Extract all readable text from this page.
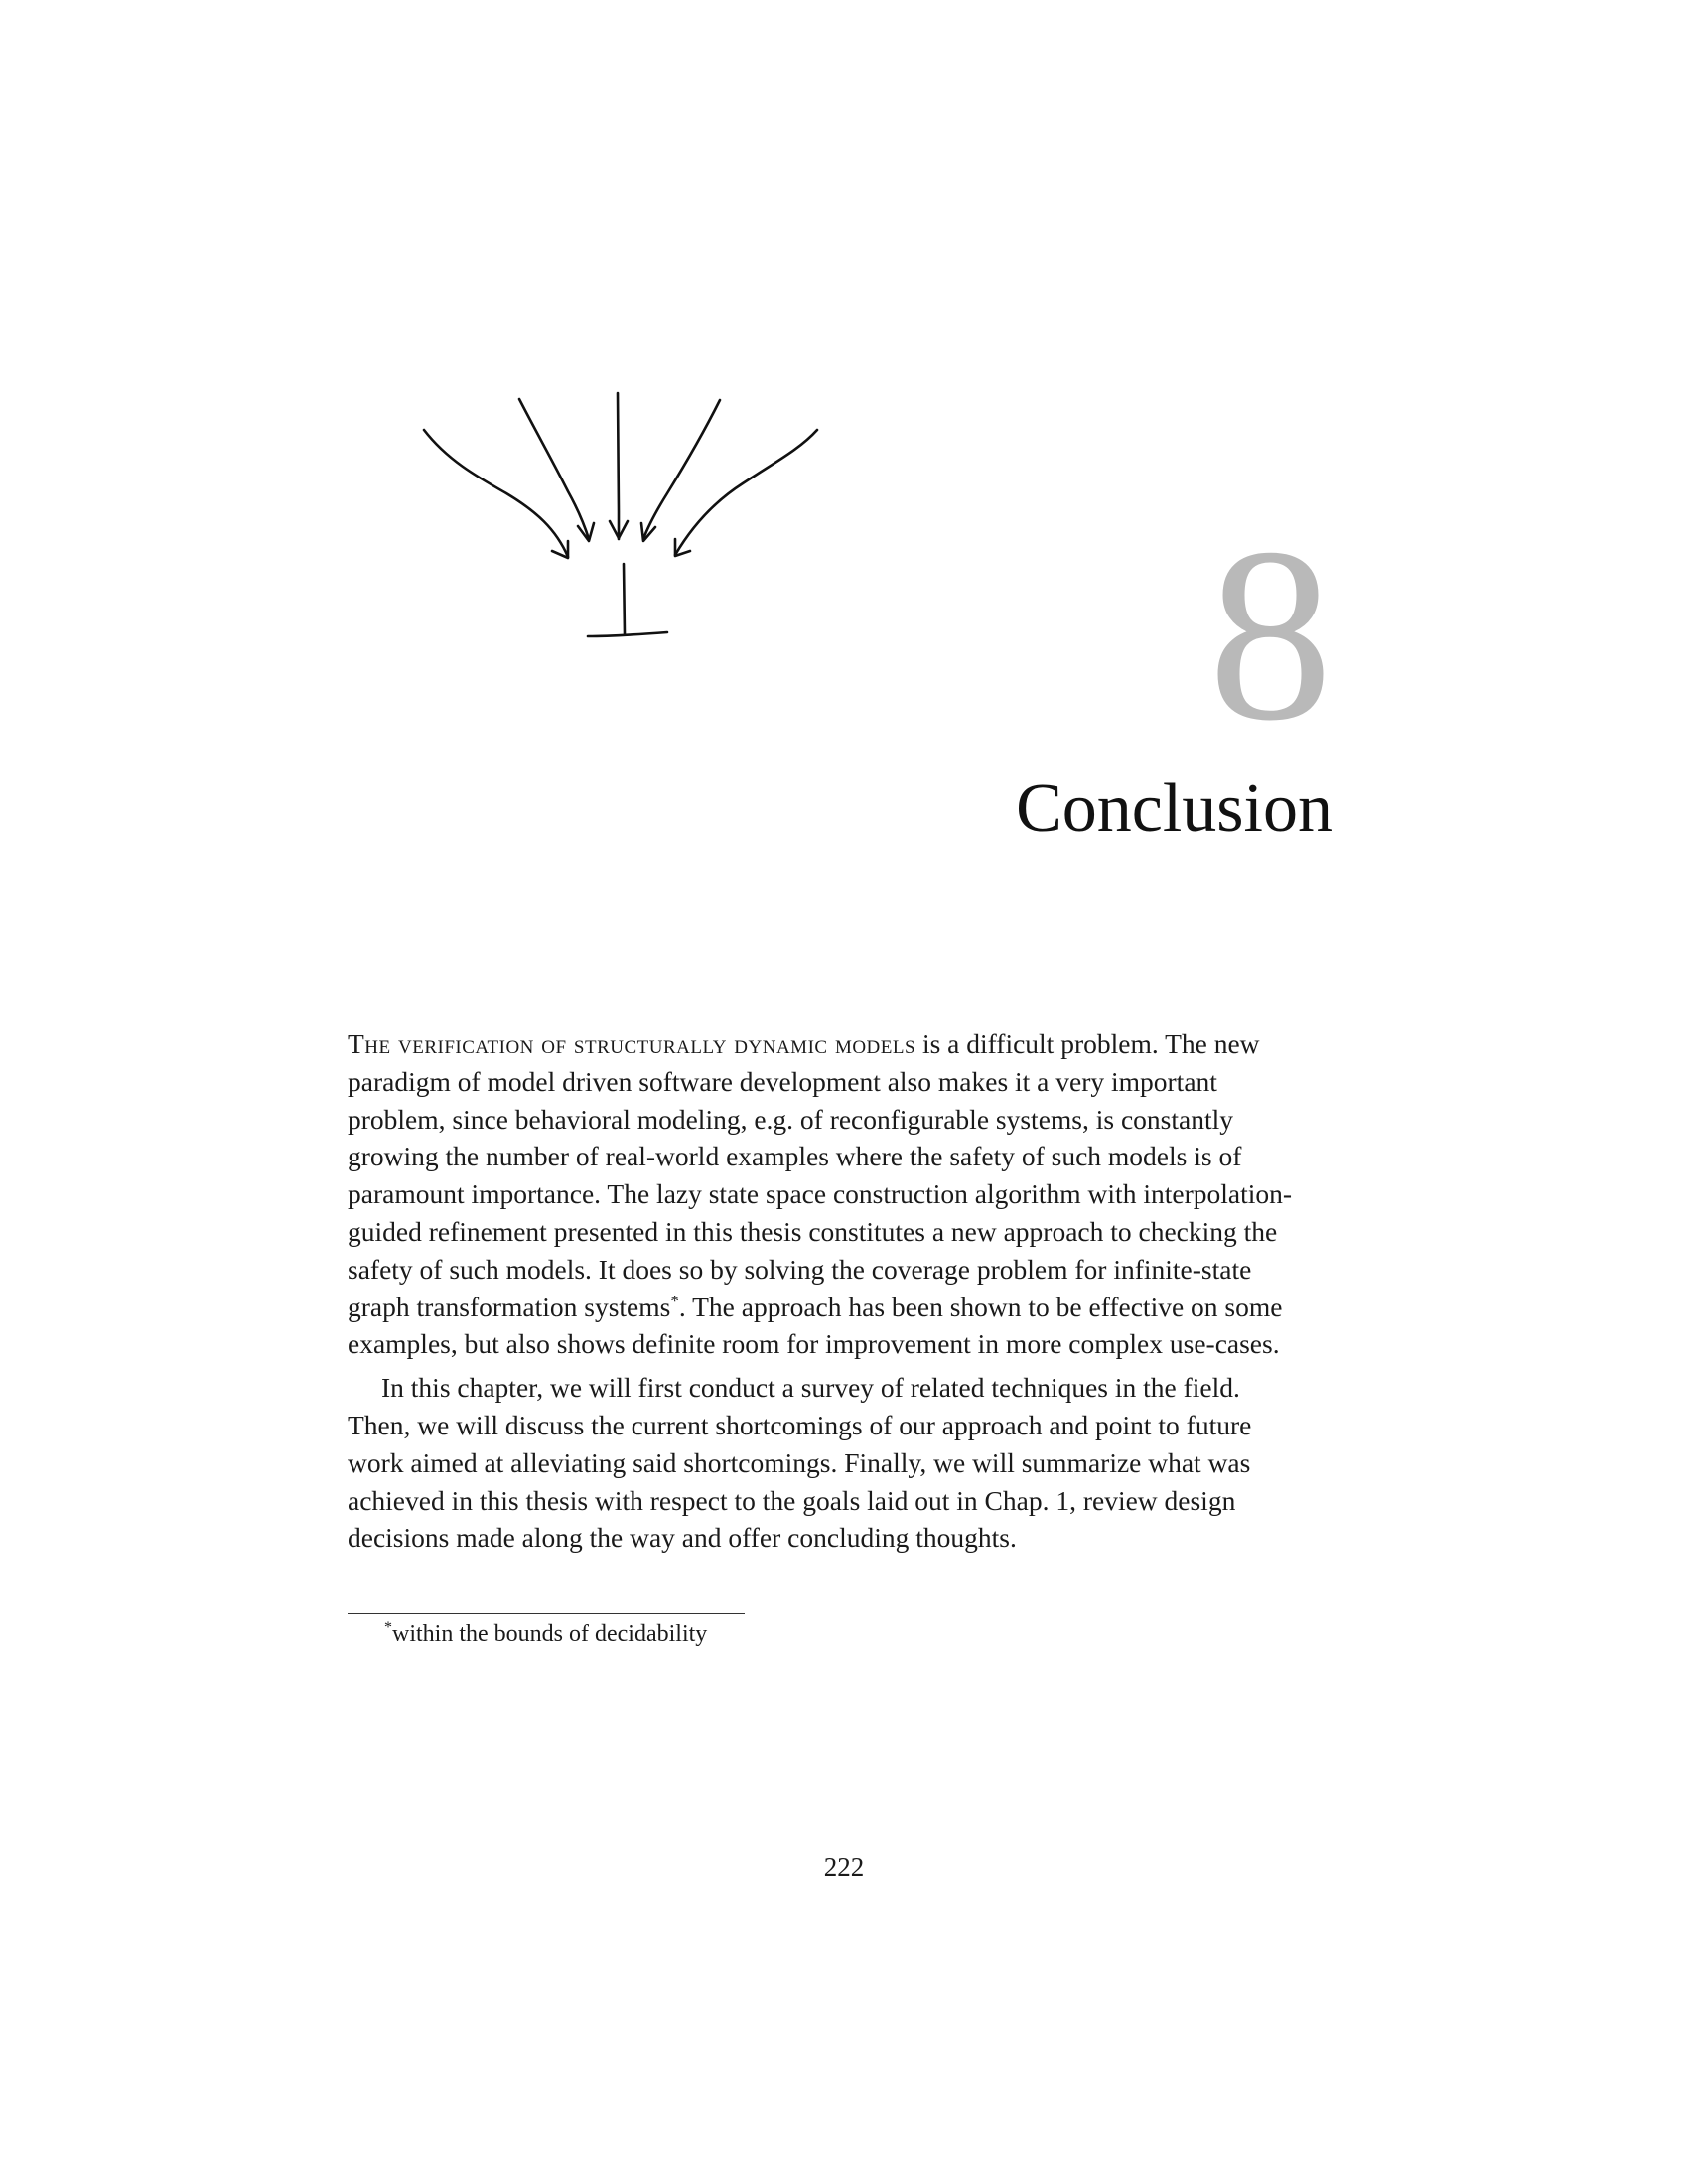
8
Conclusion

The verification of structurally dynamic models is a difficult problem. The new paradigm of model driven software development also makes it a very important problem, since behavioral modeling, e.g. of reconfigurable systems, is constantly growing the number of real-world examples where the safety of such models is of paramount importance. The lazy state space construction algorithm with interpolation-guided refinement presented in this thesis constitutes a new approach to checking the safety of such models. It does so by solving the coverage problem for infinite-state graph transformation systems*. The approach has been shown to be effective on some examples, but also shows definite room for improvement in more complex use-cases.

In this chapter, we will first conduct a survey of related techniques in the field. Then, we will discuss the current shortcomings of our approach and point to future work aimed at alleviating said shortcomings. Finally, we will summarize what was achieved in this thesis with respect to the goals laid out in Chap. 1, review design decisions made along the way and offer concluding thoughts.

*within the bounds of decidability
222
